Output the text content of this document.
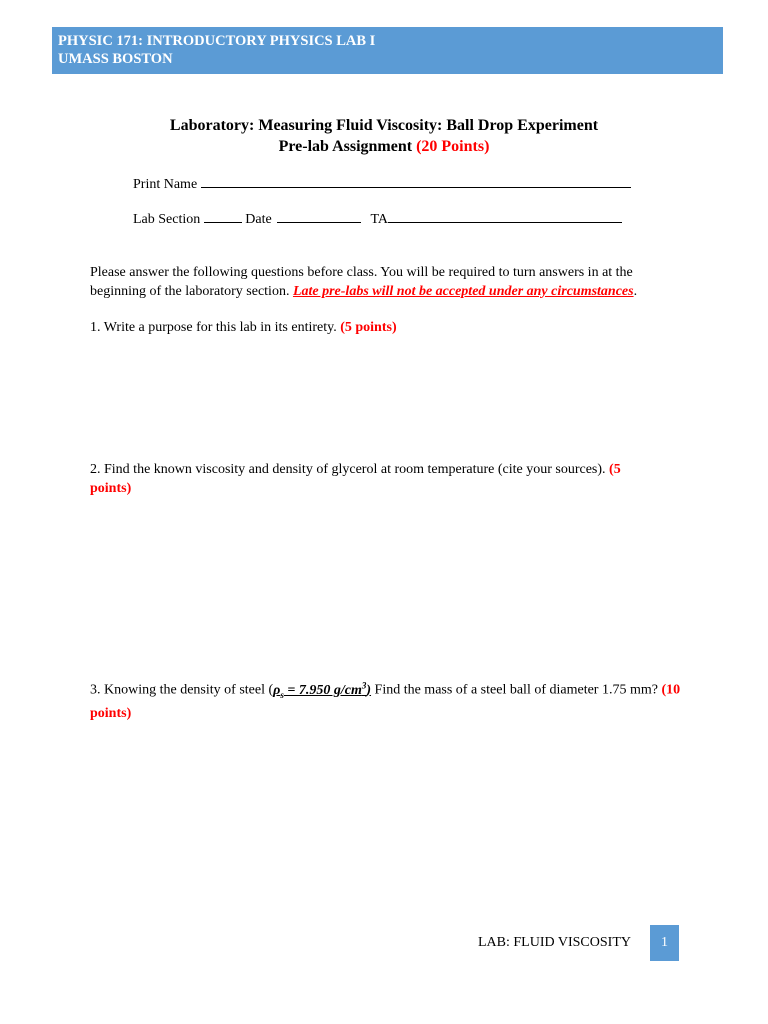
PHYSIC 171: INTRODUCTORY PHYSICS LAB I
UMASS BOSTON
Laboratory: Measuring Fluid Viscosity: Ball Drop Experiment
Pre-lab Assignment (20 Points)
Print Name
Lab Section	Date	TA
Please answer the following questions before class. You will be required to turn answers in at the beginning of the laboratory section. Late pre-labs will not be accepted under any circumstances.
1. Write a purpose for this lab in its entirety. (5 points)
2. Find the known viscosity and density of glycerol at room temperature (cite your sources). (5 points)
3. Knowing the density of steel ($\rho_s = 7.950$ $g/cm^3$) Find the mass of a steel ball of diameter 1.75 mm? (10 points)
LAB: FLUID VISCOSITY	1
